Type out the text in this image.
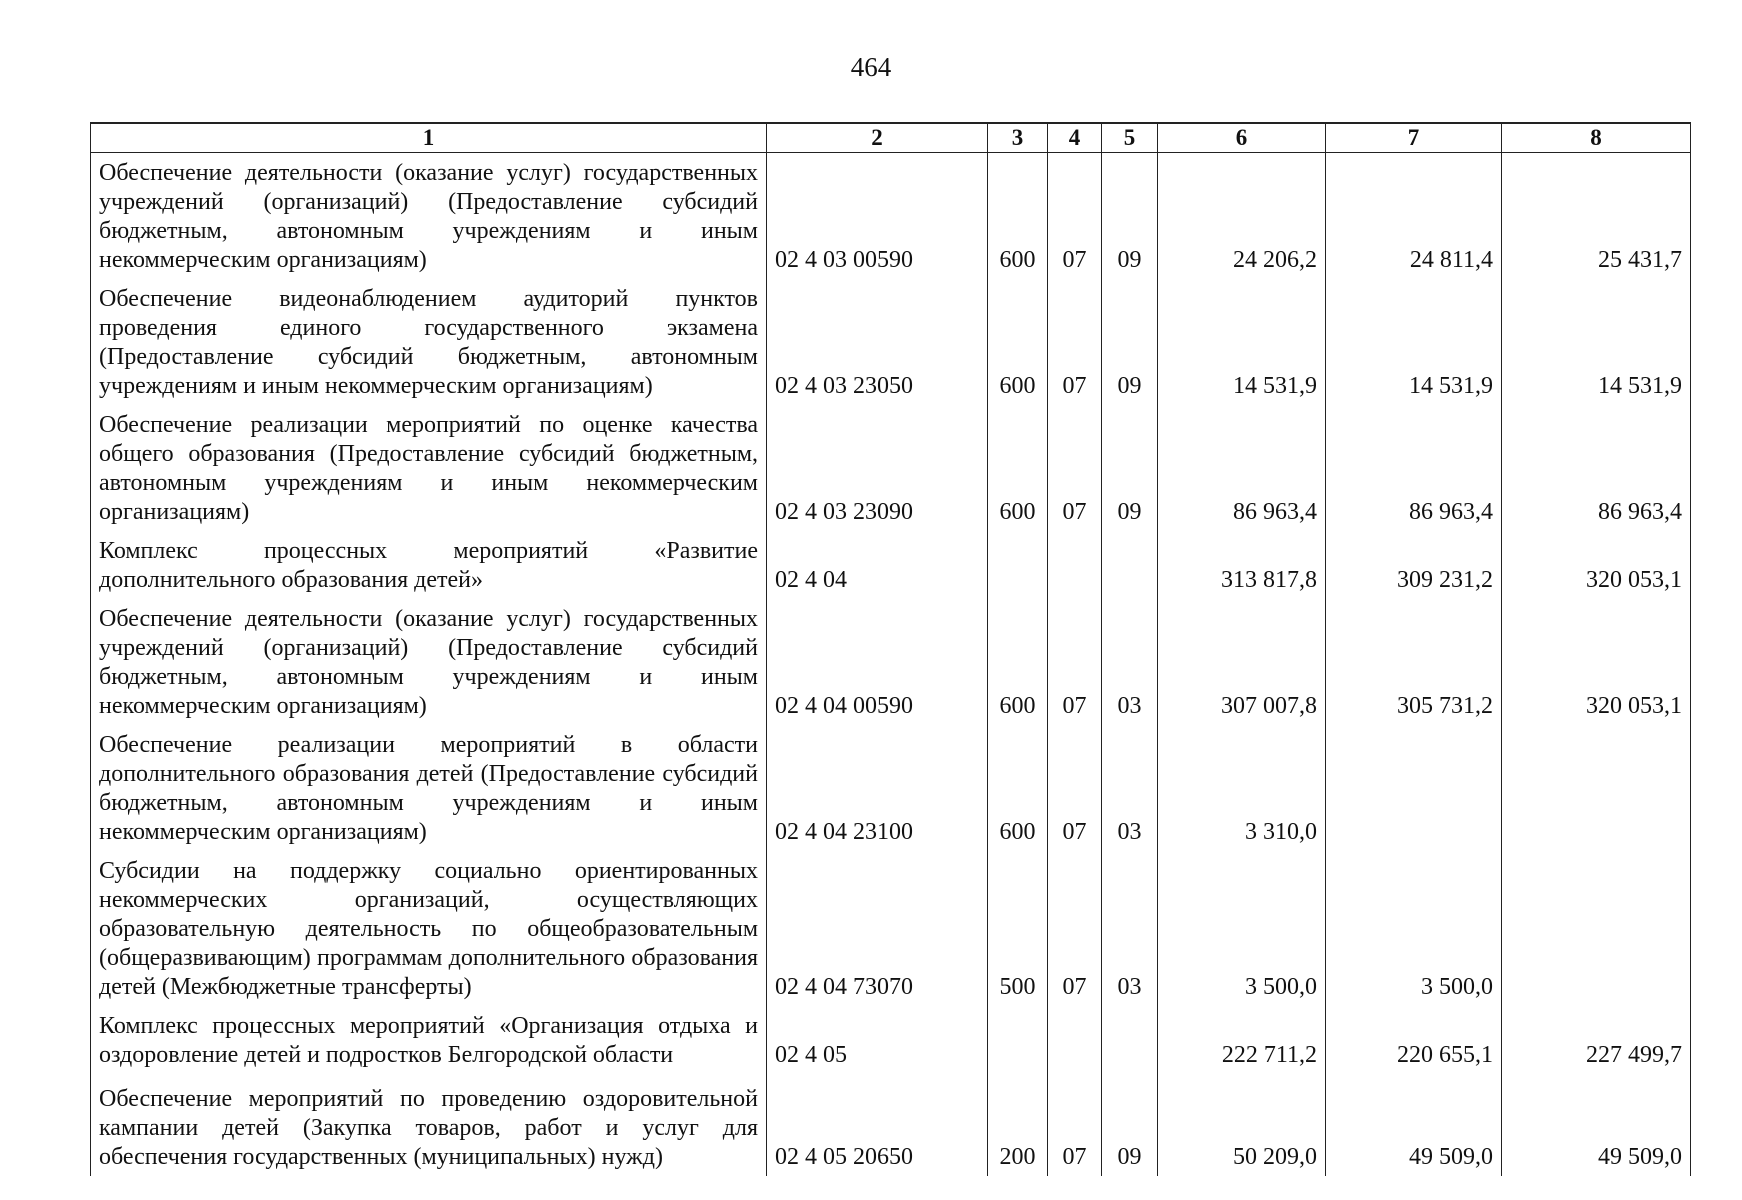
464
1	2	3	4	5	6	7	8
Обеспечение деятельности (оказание услуг) государственных учреждений (организаций) (Предоставление субсидий бюджетным, автономным учреждениям и иным некоммерческим организациям)	02 4 03 00590	600	07	09	24 206,2	24 811,4	25 431,7
Обеспечение видеонаблюдением аудиторий пунктов проведения единого государственного экзамена (Предоставление субсидий бюджетным, автономным учреждениям и иным некоммерческим организациям)	02 4 03 23050	600	07	09	14 531,9	14 531,9	14 531,9
Обеспечение реализации мероприятий по оценке качества общего образования (Предоставление субсидий бюджетным, автономным учреждениям и иным некоммерческим организациям)	02 4 03 23090	600	07	09	86 963,4	86 963,4	86 963,4
Комплекс процессных мероприятий «Развитие дополнительного образования детей»	02 4 04				313 817,8	309 231,2	320 053,1
Обеспечение деятельности (оказание услуг) государственных учреждений (организаций) (Предоставление субсидий бюджетным, автономным учреждениям и иным некоммерческим организациям)	02 4 04 00590	600	07	03	307 007,8	305 731,2	320 053,1
Обеспечение реализации мероприятий в области дополнительного образования детей (Предоставление субсидий бюджетным, автономным учреждениям и иным некоммерческим организациям)	02 4 04 23100	600	07	03	3 310,0		
Субсидии на поддержку социально ориентированных некоммерческих организаций, осуществляющих образовательную деятельность по общеобразовательным (общеразвивающим) программам дополнительного образования детей (Межбюджетные трансферты)	02 4 04 73070	500	07	03	3 500,0	3 500,0	
Комплекс процессных мероприятий «Организация отдыха и оздоровление детей и подростков Белгородской области	02 4 05				222 711,2	220 655,1	227 499,7
Обеспечение мероприятий по проведению оздоровительной кампании детей (Закупка товаров, работ и услуг для обеспечения государственных (муниципальных) нужд)	02 4 05 20650	200	07	09	50 209,0	49 509,0	49 509,0
